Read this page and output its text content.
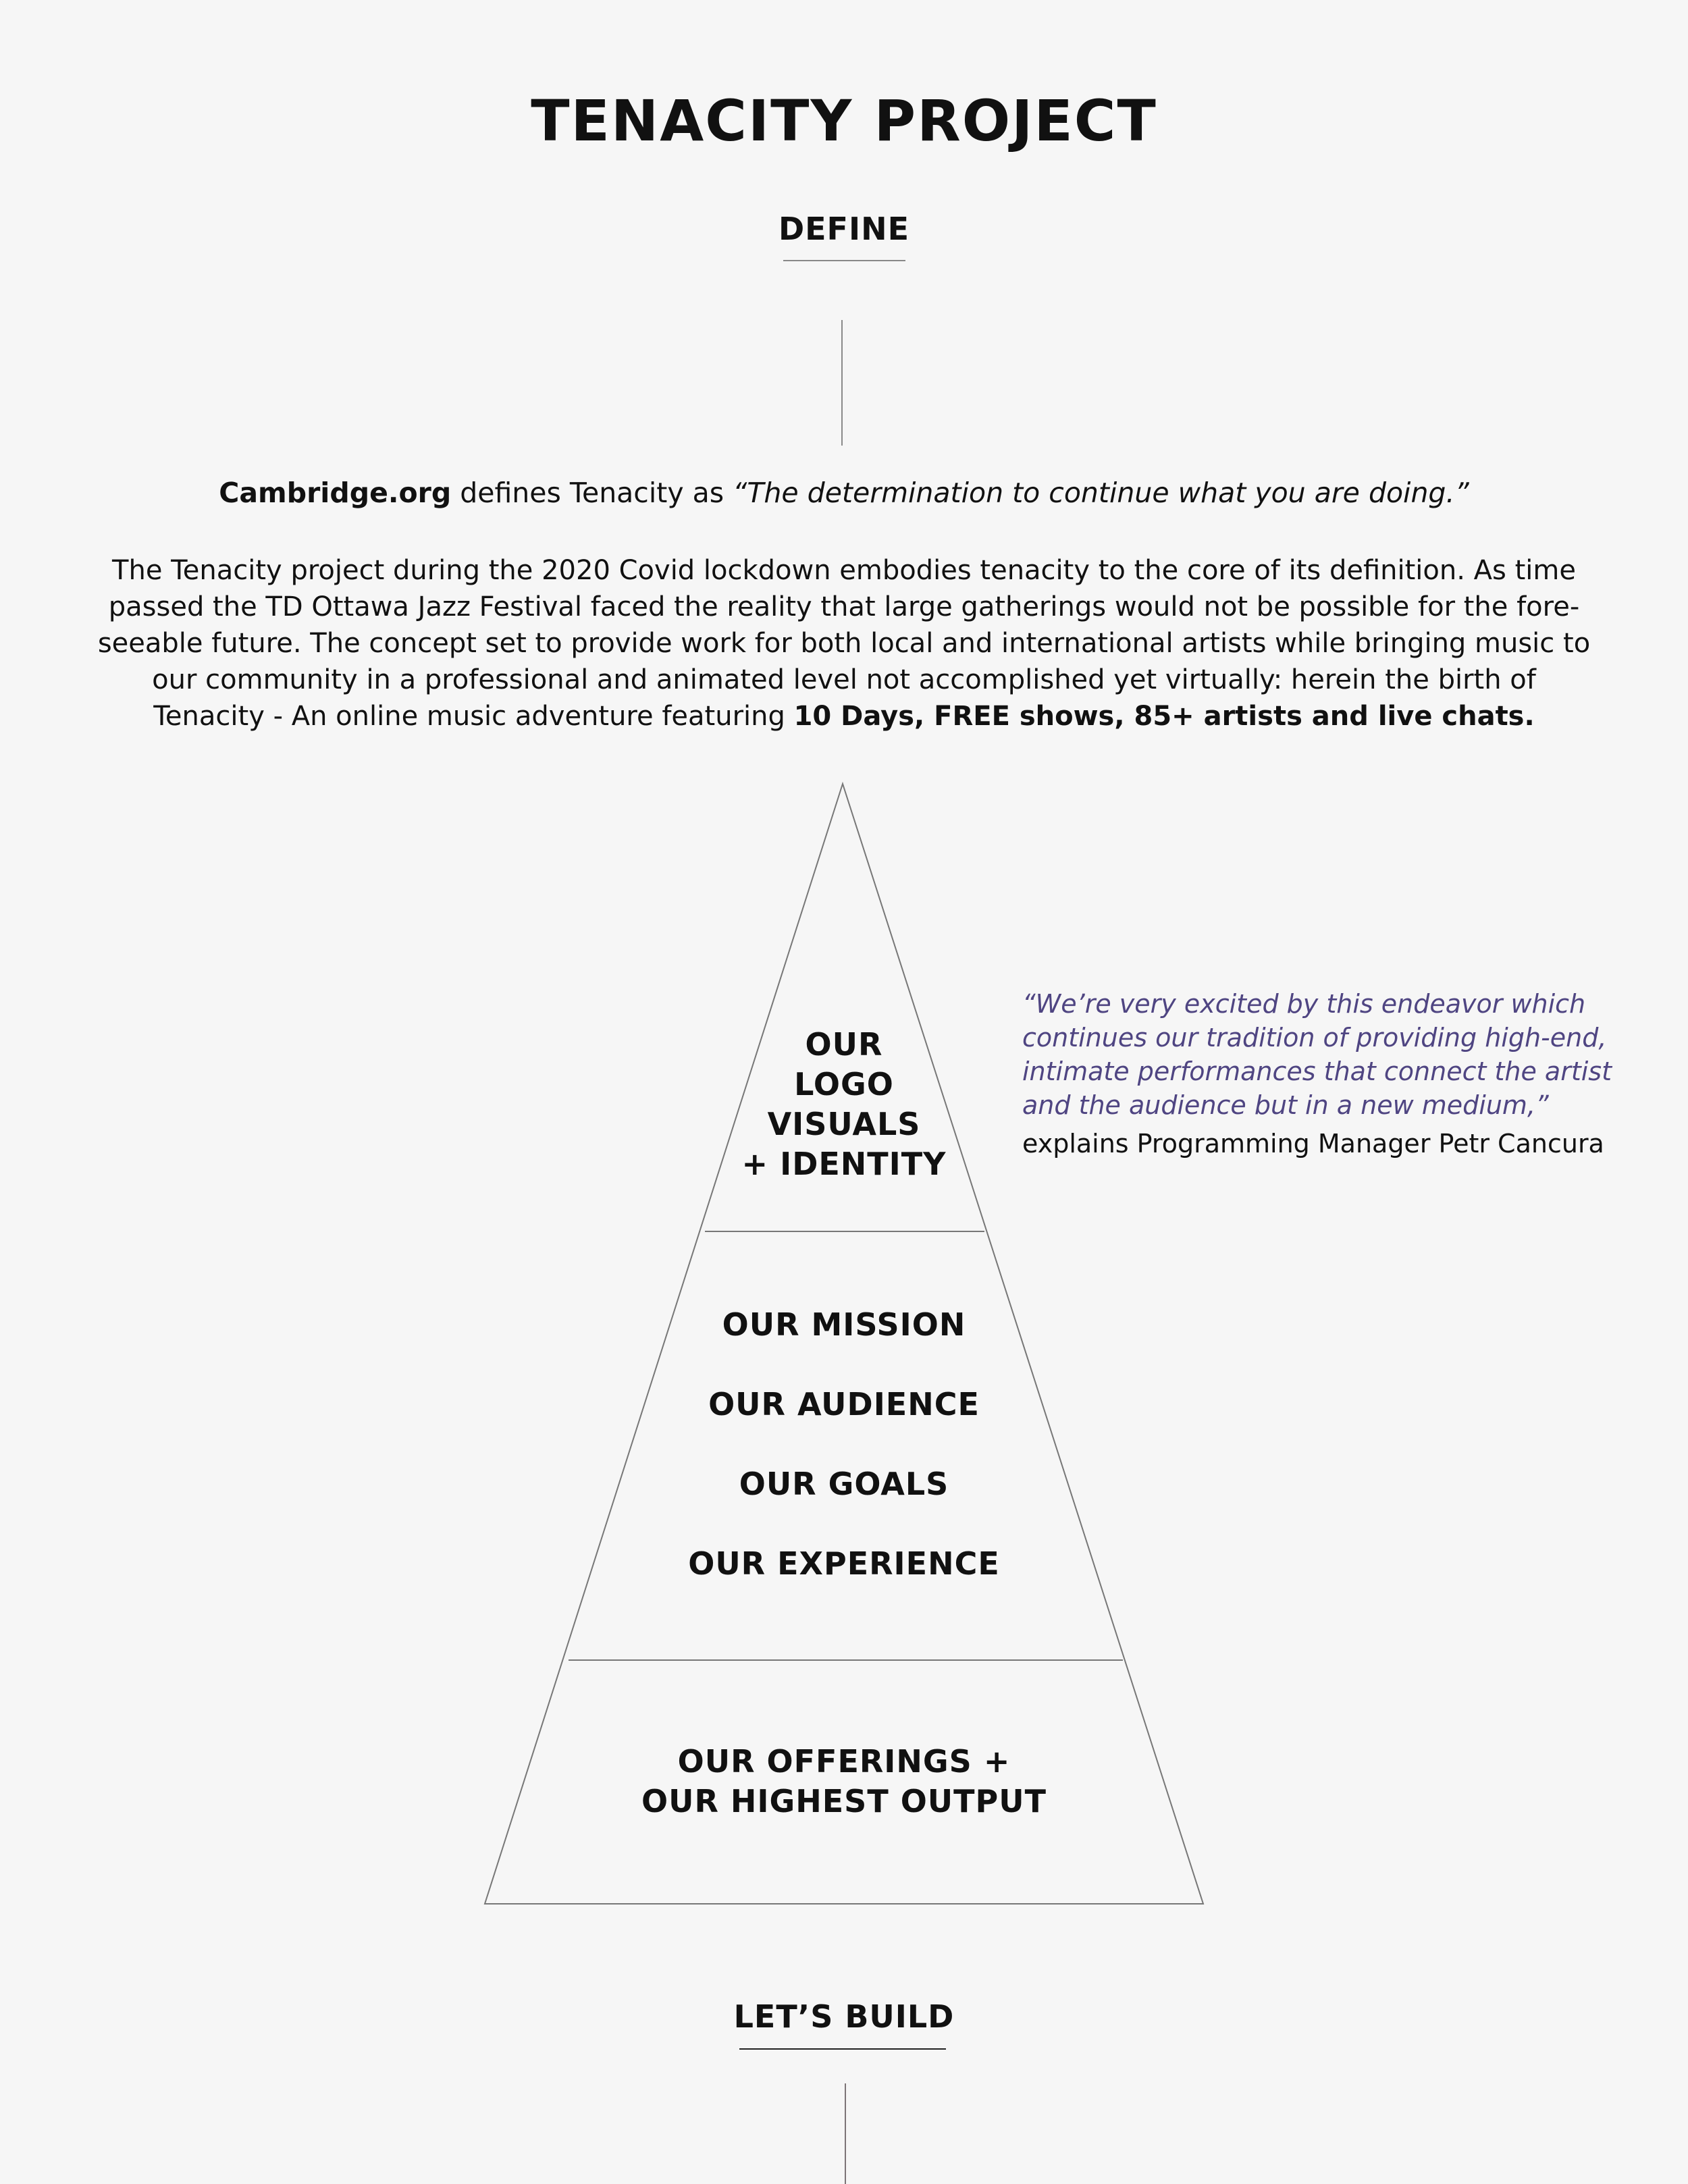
TENACITY PROJECT
DEFINE
Cambridge.org defines Tenacity as “The determination to continue what you are doing.”
The Tenacity project during the 2020 Covid lockdown embodies tenacity to the core of its definition. As time passed the TD Ottawa Jazz Festival faced the reality that large gatherings would not be possible for the fore-seeable future. The concept set to provide work for both local and international artists while bringing music to our community in a professional and animated level not accomplished yet virtually: herein the birth of Tenacity - An online music adventure featuring 10 Days, FREE shows, 85+ artists and live chats.
OUR
LOGO
VISUALS
+ IDENTITY
OUR MISSION
OUR AUDIENCE
OUR GOALS
OUR EXPERIENCE
OUR OFFERINGS +
OUR HIGHEST OUTPUT
“We’re very excited by this endeavor which continues our tradition of providing high-end, intimate performances that connect the artist and the audience but in a new medium,”
explains Programming Manager Petr Cancura
LET’S BUILD
